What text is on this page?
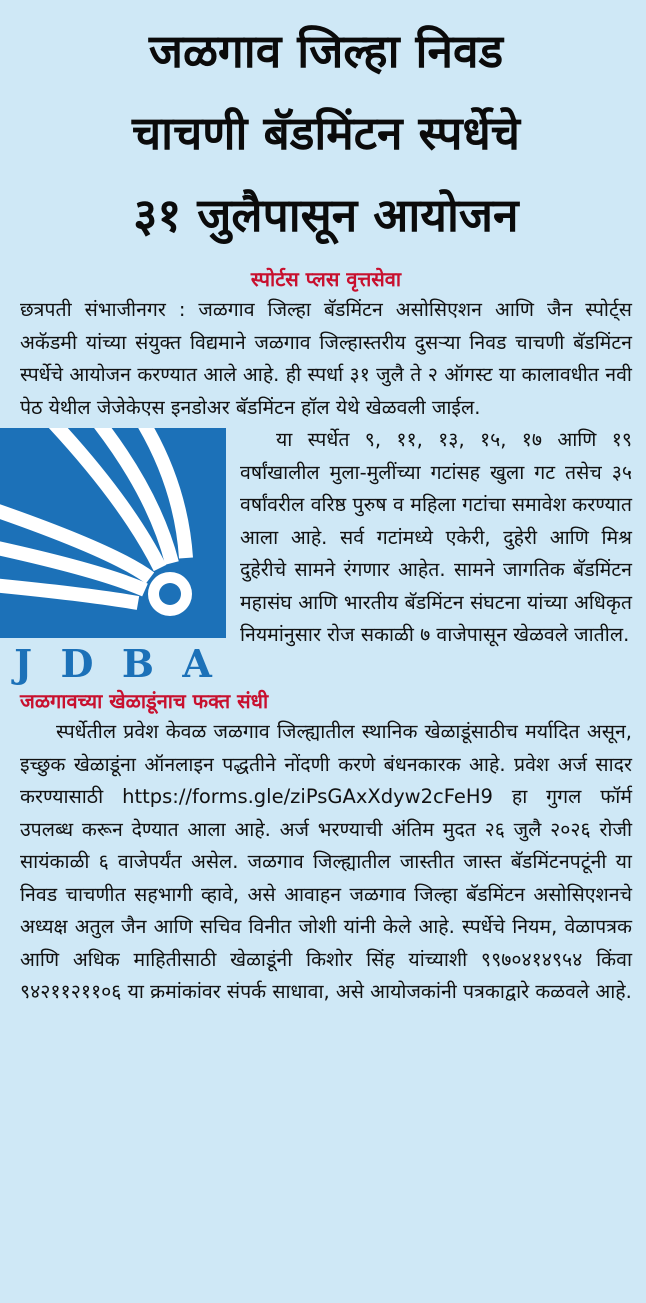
जळगाव जिल्हा निवड
चाचणी बॅडमिंटन स्पर्धेचे
३१ जुलैपासून आयोजन
स्पोर्टस प्लस वृत्तसेवा

छत्रपती संभाजीनगर : जळगाव जिल्हा बॅडमिंटन असोसिएशन आणि जैन स्पोर्ट्स अकॅडमी यांच्या संयुक्त विद्यमाने जळगाव जिल्हास्तरीय दुसऱ्या निवड चाचणी बॅडमिंटन स्पर्धेचे आयोजन करण्यात आले आहे. ही स्पर्धा ३१ जुलै ते २ ऑगस्ट या कालावधीत नवी पेठ येथील जेजेकेएस इनडोअर बॅडमिंटन हॉल येथे खेळवली जाईल.

J D B A

या स्पर्धेत ९, ११, १३, १५, १७ आणि १९ वर्षांखालील मुला-मुलींच्या गटांसह खुला गट तसेच ३५ वर्षांवरील वरिष्ठ पुरुष व महिला गटांचा समावेश करण्यात आला आहे. सर्व गटांमध्ये एकेरी, दुहेरी आणि मिश्र दुहेरीचे सामने रंगणार आहेत. सामने जागतिक बॅडमिंटन महासंघ आणि भारतीय बॅडमिंटन संघटना यांच्या अधिकृत नियमांनुसार रोज सकाळी ७ वाजेपासून खेळवले जातील.

जळगावच्या खेळाडूंनाच फक्त संधी

स्पर्धेतील प्रवेश केवळ जळगाव जिल्ह्यातील स्थानिक खेळाडूंसाठीच मर्यादित असून, इच्छुक खेळाडूंना ऑनलाइन पद्धतीने नोंदणी करणे बंधनकारक आहे. प्रवेश अर्ज सादर करण्यासाठी https://forms.gle/ziPsGAxXdyw2cFeH9 हा गुगल फॉर्म उपलब्ध करून देण्यात आला आहे. अर्ज भरण्याची अंतिम मुदत २६ जुलै २०२६ रोजी सायंकाळी ६ वाजेपर्यंत असेल. जळगाव जिल्ह्यातील जास्तीत जास्त बॅडमिंटनपटूंनी या निवड चाचणीत सहभागी व्हावे, असे आवाहन जळगाव जिल्हा बॅडमिंटन असोसिएशनचे अध्यक्ष अतुल जैन आणि सचिव विनीत जोशी यांनी केले आहे. स्पर्धेचे नियम, वेळापत्रक आणि अधिक माहितीसाठी खेळाडूंनी किशोर सिंह यांच्याशी ९९७०४१४९५४ किंवा ९४२११२११०६ या क्रमांकांवर संपर्क साधावा, असे आयोजकांनी पत्रकाद्वारे कळवले आहे.
